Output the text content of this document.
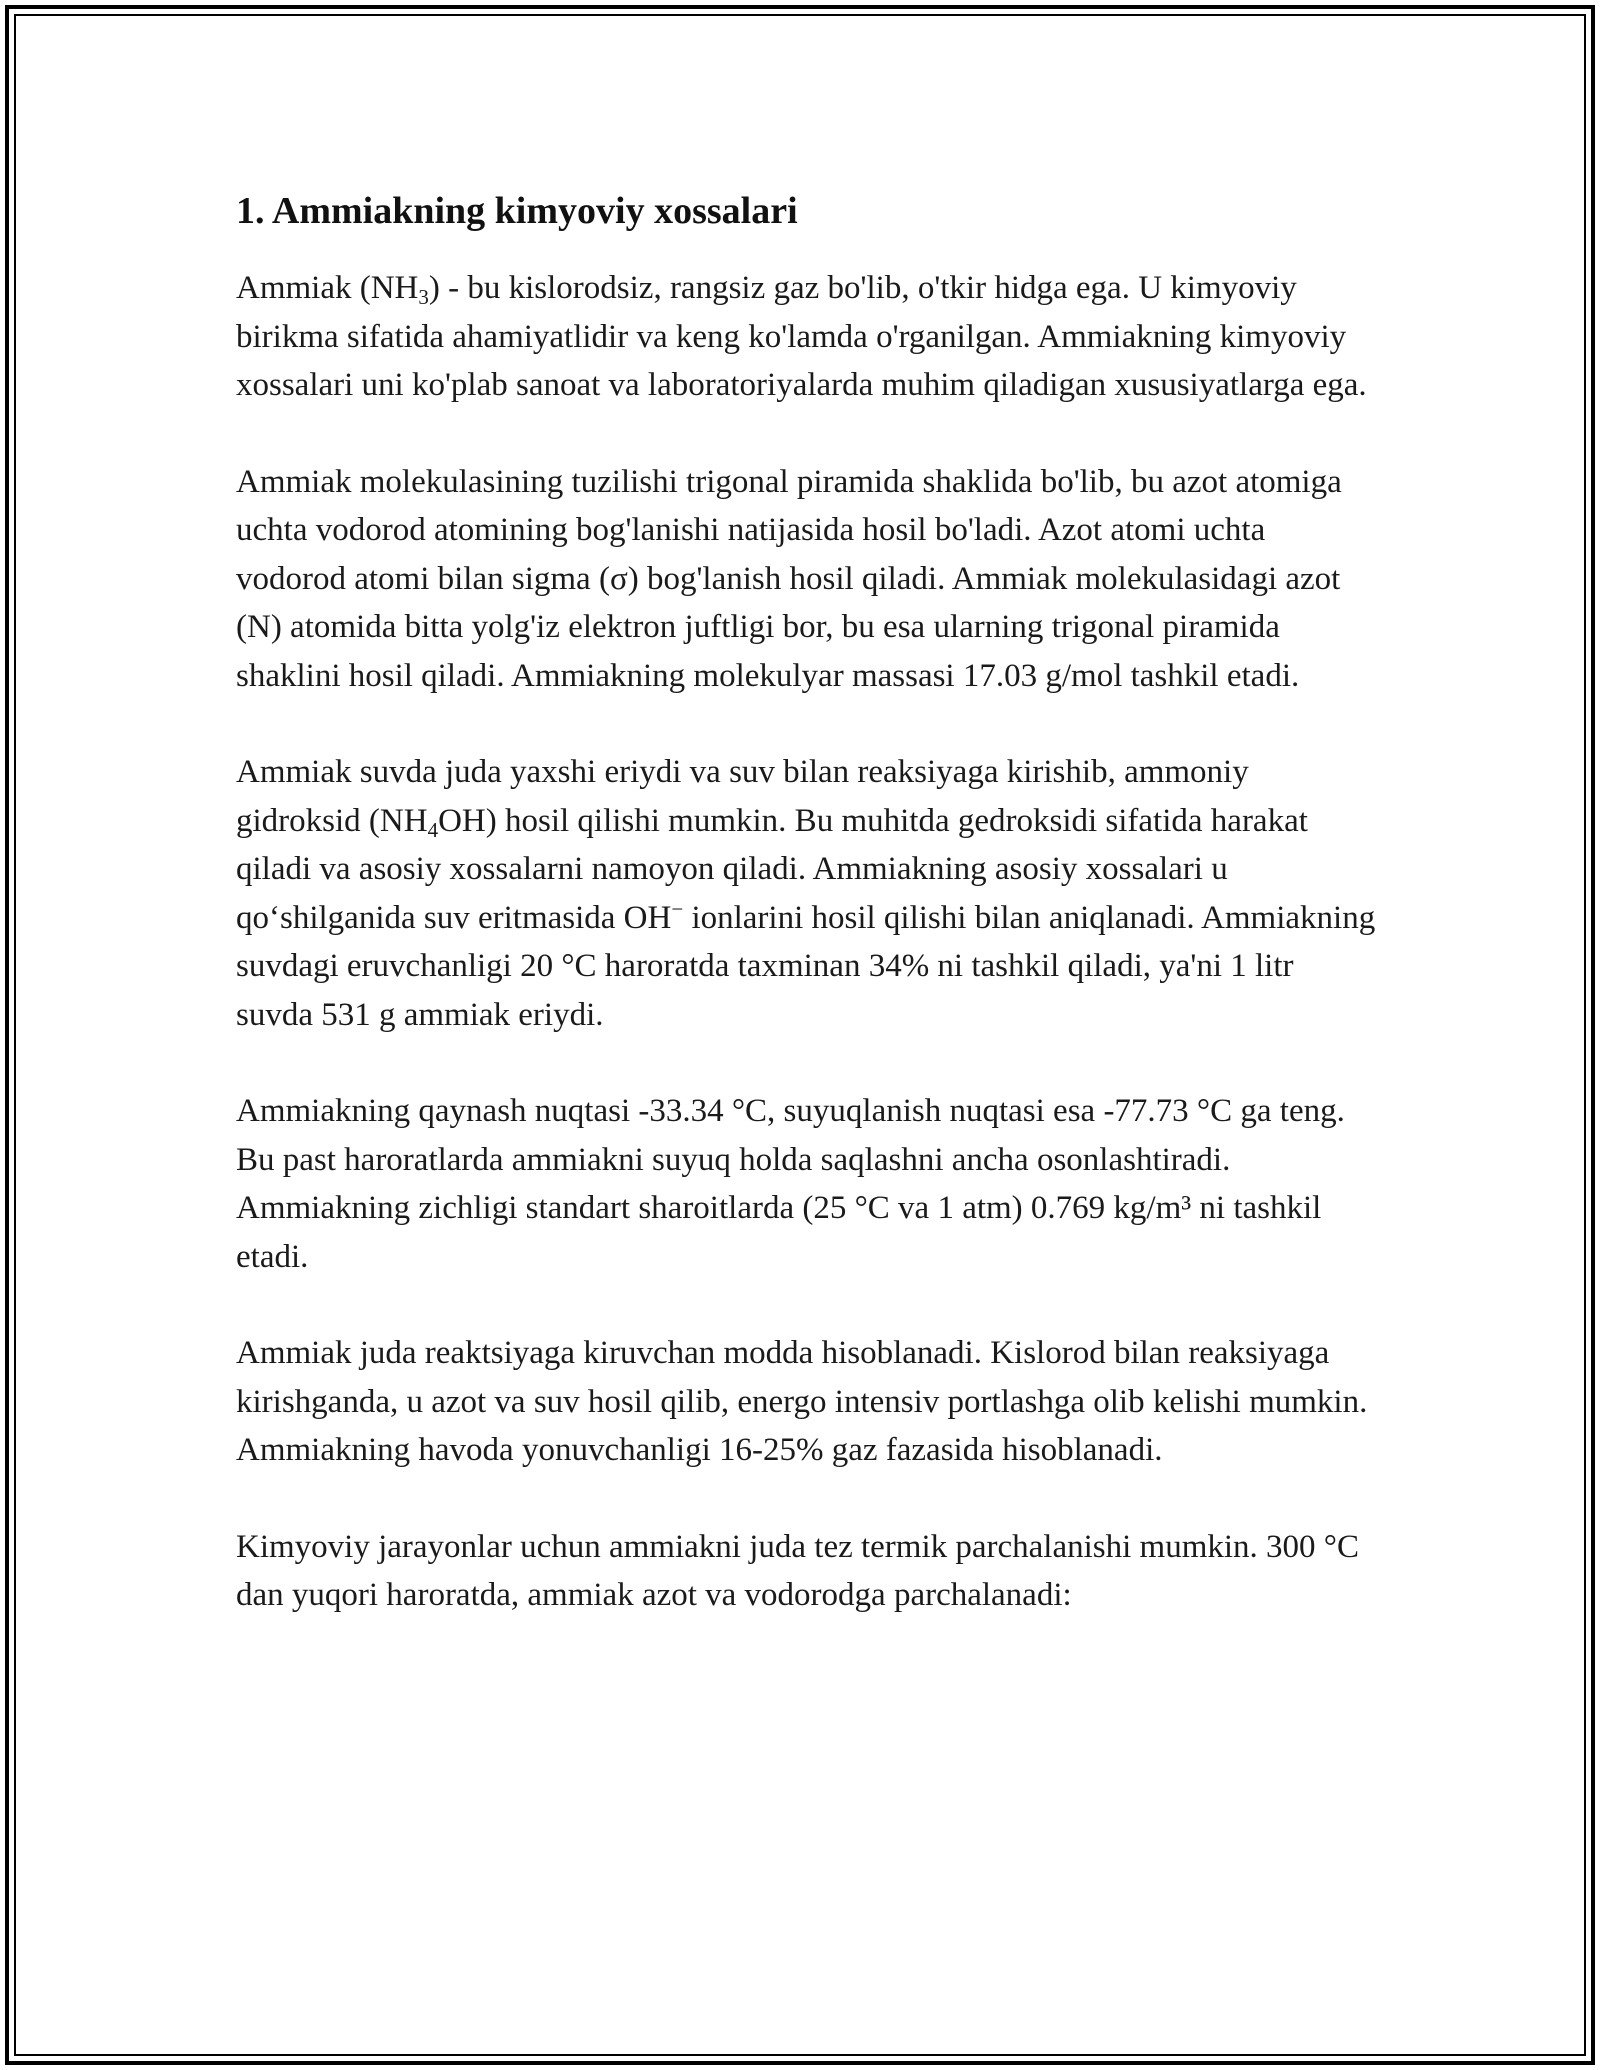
1. Ammiakning kimyoviy xossalari

Ammiak $(NH_3)$ - bu kislorodsiz, rangsiz gaz bo'lib, o'tkir hidga ega. U kimyoviy birikma sifatida ahamiyatlidir va keng ko'lamda o'rganilgan. Ammiakning kimyoviy xossalari uni ko'plab sanoat va laboratoriyalarda muhim qiladigan xususiyatlarga ega.

Ammiak molekulasining tuzilishi trigonal piramida shaklida bo'lib, bu azot atomiga uchta vodorod atomining bog'lanishi natijasida hosil bo'ladi. Azot atomi uchta vodorod atomi bilan sigma (σ) bog'lanish hosil qiladi. Ammiak molekulasidagi azot (N) atomida bitta yolg'iz elektron juftligi bor, bu esa ularning trigonal piramida shaklini hosil qiladi. Ammiakning molekulyar massasi 17.03 g/mol tashkil etadi.

Ammiak suvda juda yaxshi eriydi va suv bilan reaksiyaga kirishib, ammoniy gidroksid $(NH_4OH)$ hosil qilishi mumkin. Bu muhitda gedroksidi sifatida harakat qiladi va asosiy xossalarni namoyon qiladi. Ammiakning asosiy xossalari u qo‘shilganida suv eritmasida OH− ionlarini hosil qilishi bilan aniqlanadi. Ammiakning suvdagi eruvchanligi 20 °C haroratda taxminan 34% ni tashkil qiladi, ya'ni 1 litr suvda 531 g ammiak eriydi.

Ammiakning qaynash nuqtasi -33.34 °C, suyuqlanish nuqtasi esa -77.73 °C ga teng. Bu past haroratlarda ammiakni suyuq holda saqlashni ancha osonlashtiradi. Ammiakning zichligi standart sharoitlarda (25 °C va 1 atm) 0.769 kg/m³ ni tashkil etadi.

Ammiak juda reaktsiyaga kiruvchan modda hisoblanadi. Kislorod bilan reaksiyaga kirishganda, u azot va suv hosil qilib, energo intensiv portlashga olib kelishi mumkin. Ammiakning havoda yonuvchanligi 16-25% gaz fazasida hisoblanadi.

Kimyoviy jarayonlar uchun ammiakni juda tez termik parchalanishi mumkin. 300 °C dan yuqori haroratda, ammiak azot va vodorodga parchalanadi:
